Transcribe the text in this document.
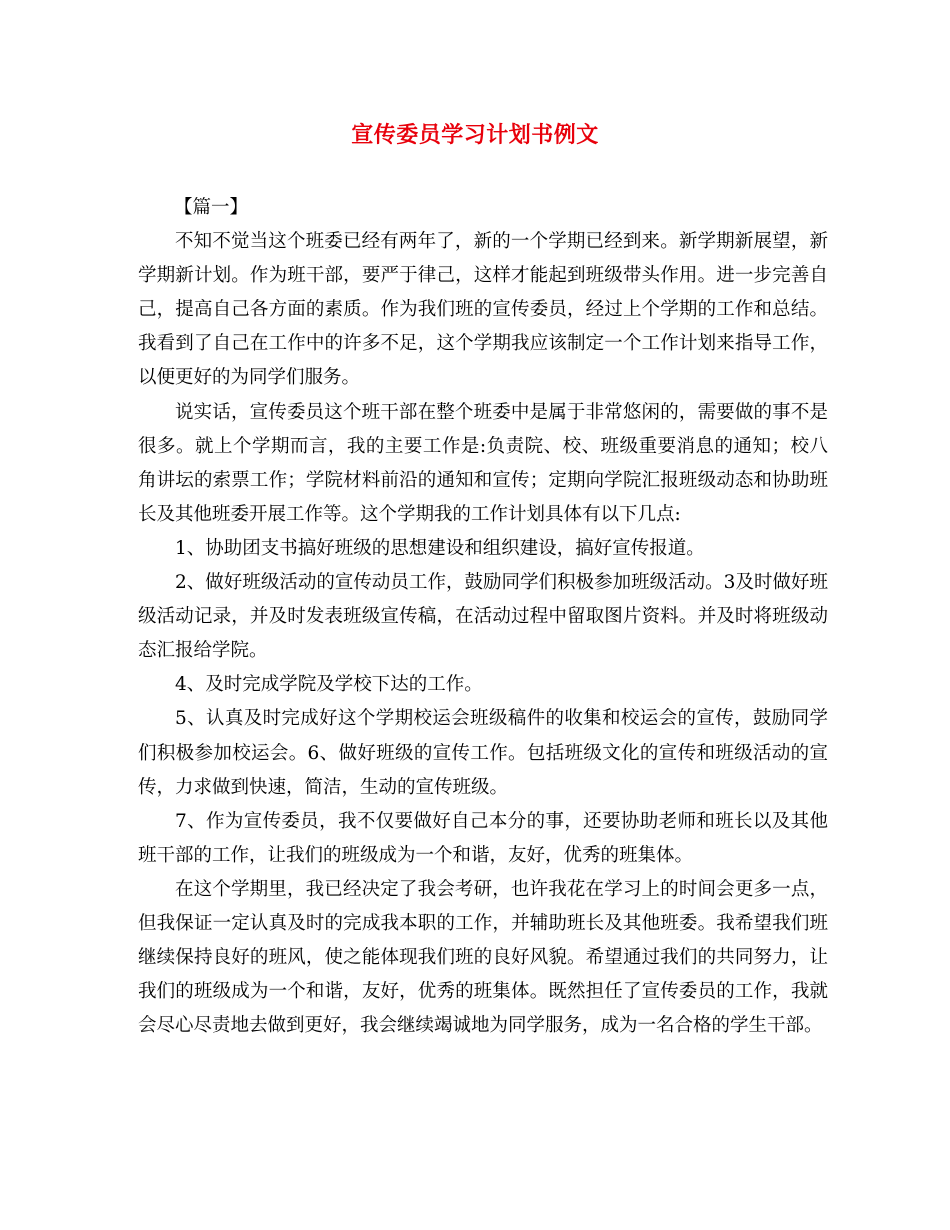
宣传委员学习计划书例文

【篇一】

不知不觉当这个班委已经有两年了，新的一个学期已经到来。新学期新展望，新学期新计划。作为班干部，要严于律己，这样才能起到班级带头作用。进一步完善自己，提高自己各方面的素质。作为我们班的宣传委员，经过上个学期的工作和总结。我看到了自己在工作中的许多不足，这个学期我应该制定一个工作计划来指导工作，以便更好的为同学们服务。

说实话，宣传委员这个班干部在整个班委中是属于非常悠闲的，需要做的事不是很多。就上个学期而言，我的主要工作是:负责院、校、班级重要消息的通知；校八角讲坛的索票工作；学院材料前沿的通知和宣传；定期向学院汇报班级动态和协助班长及其他班委开展工作等。这个学期我的工作计划具体有以下几点:

1、协助团支书搞好班级的思想建设和组织建设，搞好宣传报道。

2、做好班级活动的宣传动员工作，鼓励同学们积极参加班级活动。3及时做好班级活动记录，并及时发表班级宣传稿，在活动过程中留取图片资料。并及时将班级动态汇报给学院。

4、及时完成学院及学校下达的工作。

5、认真及时完成好这个学期校运会班级稿件的收集和校运会的宣传，鼓励同学们积极参加校运会。6、做好班级的宣传工作。包括班级文化的宣传和班级活动的宣传，力求做到快速，简洁，生动的宣传班级。

7、作为宣传委员，我不仅要做好自己本分的事，还要协助老师和班长以及其他班干部的工作，让我们的班级成为一个和谐，友好，优秀的班集体。

在这个学期里，我已经决定了我会考研，也许我花在学习上的时间会更多一点，但我保证一定认真及时的完成我本职的工作，并辅助班长及其他班委。我希望我们班继续保持良好的班风，使之能体现我们班的良好风貌。希望通过我们的共同努力，让我们的班级成为一个和谐，友好，优秀的班集体。既然担任了宣传委员的工作，我就会尽心尽责地去做到更好，我会继续竭诚地为同学服务，成为一名合格的学生干部。
